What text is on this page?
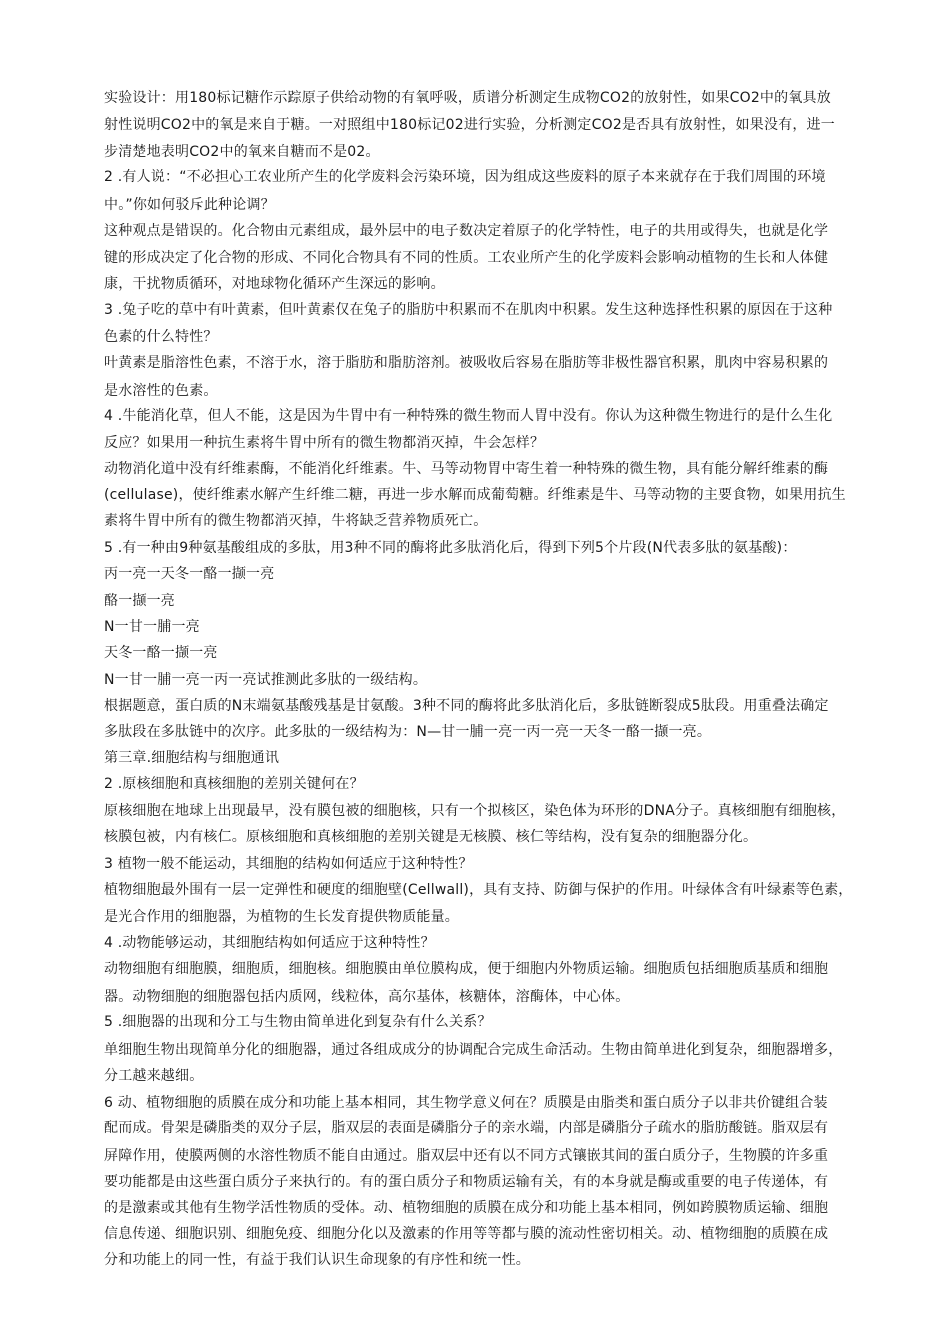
实验设计：用180标记糖作示踪原子供给动物的有氧呼吸，质谱分析测定生成物CO2的放射性，如果CO2中的氧具放

射性说明CO2中的氧是来自于糖。一对照组中180标记02进行实验，分析测定CO2是否具有放射性，如果没有，进一

步清楚地表明CO2中的氧来自糖而不是02。

2 .有人说：“不必担心工农业所产生的化学废料会污染环境，因为组成这些废料的原子本来就存在于我们周围的环境

中。”你如何驳斥此种论调？

这种观点是错误的。化合物由元素组成，最外层中的电子数决定着原子的化学特性，电子的共用或得失，也就是化学

键的形成决定了化合物的形成、不同化合物具有不同的性质。工农业所产生的化学废料会影响动植物的生长和人体健

康，干扰物质循环，对地球物化循环产生深远的影响。

3 .兔子吃的草中有叶黄素，但叶黄素仅在兔子的脂肪中积累而不在肌肉中积累。发生这种选择性积累的原因在于这种

色素的什么特性？

叶黄素是脂溶性色素，不溶于水，溶于脂肪和脂肪溶剂。被吸收后容易在脂肪等非极性器官积累，肌肉中容易积累的

是水溶性的色素。

4 .牛能消化草，但人不能，这是因为牛胃中有一种特殊的微生物而人胃中没有。你认为这种微生物进行的是什么生化

反应？如果用一种抗生素将牛胃中所有的微生物都消灭掉，牛会怎样？

动物消化道中没有纤维素酶，不能消化纤维素。牛、马等动物胃中寄生着一种特殊的微生物，具有能分解纤维素的酶

(cellulase)，使纤维素水解产生纤维二糖，再进一步水解而成葡萄糖。纤维素是牛、马等动物的主要食物，如果用抗生

素将牛胃中所有的微生物都消灭掉，牛将缺乏营养物质死亡。

5 .有一种由9种氨基酸组成的多肽，用3种不同的酶将此多肽消化后，得到下列5个片段(N代表多肽的氨基酸)：

丙一亮一天冬一酪一撷一亮

酪一撷一亮

N一甘一脯一亮

天冬一酪一撷一亮

N一甘一脯一亮一丙一亮试推测此多肽的一级结构。

根据题意，蛋白质的N末端氨基酸残基是甘氨酸。3种不同的酶将此多肽消化后，多肽链断裂成5肽段。用重叠法确定

多肽段在多肽链中的次序。此多肽的一级结构为：N—甘一脯一亮一丙一亮一天冬一酪一撷一亮。

第三章.细胞结构与细胞通讯

2 .原核细胞和真核细胞的差别关键何在？

原核细胞在地球上出现最早，没有膜包被的细胞核，只有一个拟核区，染色体为环形的DNA分子。真核细胞有细胞核，

核膜包被，内有核仁。原核细胞和真核细胞的差别关键是无核膜、核仁等结构，没有复杂的细胞器分化。

3 植物一般不能运动，其细胞的结构如何适应于这种特性？

植物细胞最外围有一层一定弹性和硬度的细胞壁(Cellwall)，具有支持、防御与保护的作用。叶绿体含有叶绿素等色素，

是光合作用的细胞器，为植物的生长发育提供物质能量。

4 .动物能够运动，其细胞结构如何适应于这种特性？

动物细胞有细胞膜，细胞质，细胞核。细胞膜由单位膜构成，便于细胞内外物质运输。细胞质包括细胞质基质和细胞

器。动物细胞的细胞器包括内质网，线粒体，高尔基体，核糖体，溶酶体，中心体。

5 .细胞器的出现和分工与生物由简单进化到复杂有什么关系？

单细胞生物出现简单分化的细胞器，通过各组成成分的协调配合完成生命活动。生物由简单进化到复杂，细胞器增多，

分工越来越细。

6 动、植物细胞的质膜在成分和功能上基本相同，其生物学意义何在？质膜是由脂类和蛋白质分子以非共价键组合装

配而成。骨架是磷脂类的双分子层，脂双层的表面是磷脂分子的亲水端，内部是磷脂分子疏水的脂肪酸链。脂双层有

屏障作用，使膜两侧的水溶性物质不能自由通过。脂双层中还有以不同方式镶嵌其间的蛋白质分子，生物膜的许多重

要功能都是由这些蛋白质分子来执行的。有的蛋白质分子和物质运输有关，有的本身就是酶或重要的电子传递体，有

的是激素或其他有生物学活性物质的受体。动、植物细胞的质膜在成分和功能上基本相同，例如跨膜物质运输、细胞

信息传递、细胞识别、细胞免疫、细胞分化以及激素的作用等等都与膜的流动性密切相关。动、植物细胞的质膜在成

分和功能上的同一性，有益于我们认识生命现象的有序性和统一性。
